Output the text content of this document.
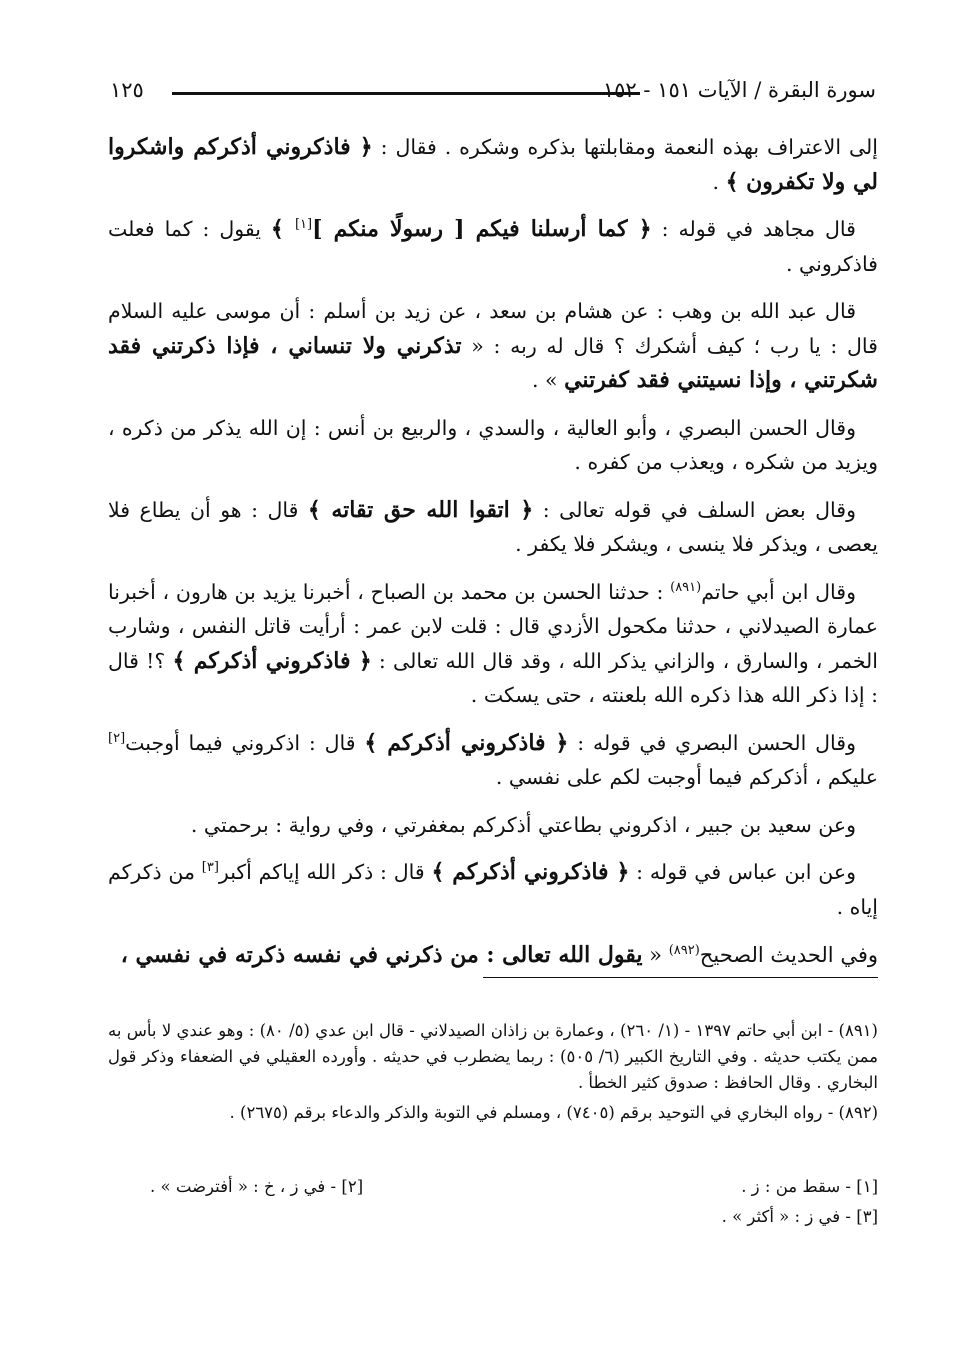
١٢٥	سورة البقرة / الآيات ١٥١ - ١٥٢

إلى الاعتراف بهذه النعمة ومقابلتها بذكره وشكره . فقال : ﴿ فاذكروني أذكركم واشكروا لي ولا تكفرون ﴾ .

قال مجاهد في قوله : ﴿ كما أرسلنا فيكم [ رسولًا منكم ][١] ﴾ يقول : كما فعلت فاذكروني .

قال عبد الله بن وهب : عن هشام بن سعد ، عن زيد بن أسلم : أن موسى عليه السلام قال : يا رب ؛ كيف أشكرك ؟ قال له ربه : « تذكرني ولا تنساني ، فإذا ذكرتني فقد شكرتني ، وإذا نسيتني فقد كفرتني » .

وقال الحسن البصري ، وأبو العالية ، والسدي ، والربيع بن أنس : إن الله يذكر من ذكره ، ويزيد من شكره ، ويعذب من كفره .

وقال بعض السلف في قوله تعالى : ﴿ اتقوا الله حق تقاته ﴾ قال : هو أن يطاع فلا يعصى ، ويذكر فلا ينسى ، ويشكر فلا يكفر .

وقال ابن أبي حاتم$^{(٨٩١)}$ : حدثنا الحسن بن محمد بن الصباح ، أخبرنا يزيد بن هارون ، أخبرنا عمارة الصيدلاني ، حدثنا مكحول الأزدي قال : قلت لابن عمر : أرأيت قاتل النفس ، وشارب الخمر ، والسارق ، والزاني يذكر الله ، وقد قال الله تعالى : ﴿ فاذكروني أذكركم ﴾ ؟! قال : إذا ذكر الله هذا ذكره الله بلعنته ، حتى يسكت .

وقال الحسن البصري في قوله : ﴿ فاذكروني أذكركم ﴾ قال : اذكروني فيما أوجبت[٢] عليكم ، أذكركم فيما أوجبت لكم على نفسي .

وعن سعيد بن جبير ، اذكروني بطاعتي أذكركم بمغفرتي ، وفي رواية : برحمتي .

وعن ابن عباس في قوله : ﴿ فاذكروني أذكركم ﴾ قال : ذكر الله إياكم أكبر[٣] من ذكركم إياه .

وفي الحديث الصحيح$^{(٨٩٢)}$ « يقول الله تعالى : من ذكرني في نفسه ذكرته في نفسي ،

(٨٩١) - ابن أبي حاتم ١٣٩٧ - (١/ ٢٦٠) ، وعمارة بن زاذان الصيدلاني - قال ابن عدي (٥/ ٨٠) : وهو عندي لا بأس به ممن يكتب حديثه . وفي التاريخ الكبير (٦/ ٥٠٥) : ربما يضطرب في حديثه . وأورده العقيلي في الضعفاء وذكر قول البخاري . وقال الحافظ : صدوق كثير الخطأ .

(٨٩٢) - رواه البخاري في التوحيد برقم (٧٤٠٥) ، ومسلم في التوبة والذكر والدعاء برقم (٢٦٧٥) .

[١] - سقط من : ز .
[٢] - في ز ، خ : « أفترضت » .
[٣] - في ز : « أكثر » .
